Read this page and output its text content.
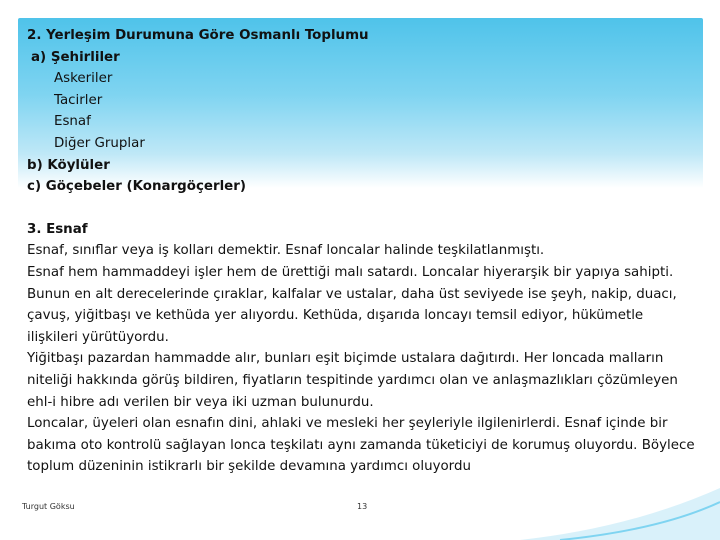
2. Yerleşim Durumuna Göre Osmanlı Toplumu
a) Şehirliler
Askeriler
Tacirler
Esnaf
Diğer Gruplar
b) Köylüler
c) Göçebeler (Konargöçerler)
3. Esnaf
Esnaf, sınıflar veya iş kolları demektir. Esnaf loncalar halinde teşkilatlanmıştı.
Esnaf hem hammaddeyi işler hem de ürettiği malı satardı. Loncalar hiyerarşik bir yapıya sahipti. Bunun en alt derecelerinde çıraklar, kalfalar ve ustalar, daha üst seviyede ise şeyh, nakip, duacı, çavuş, yiğitbaşı ve kethüda yer alıyordu. Kethüda, dışarıda loncayı temsil ediyor, hükümetle ilişkileri yürütüyordu.
Yiğitbaşı pazardan hammadde alır, bunları eşit biçimde ustalara dağıtırdı. Her loncada malların niteliği hakkında görüş bildiren, fiyatların tespitinde yardımcı olan ve anlaşmazlıkları çözümleyen ehl-i hibre adı verilen bir veya iki uzman bulunurdu.
Loncalar, üyeleri olan esnafın dini, ahlaki ve mesleki her şeyleriyle ilgilenirlerdi. Esnaf içinde bir bakıma oto kontrolü sağlayan lonca teşkilatı aynı zamanda tüketiciyi de korumuş oluyordu. Böylece toplum düzeninin istikrarlı bir şekilde devamına yardımcı oluyordu
Turgut Göksu	13
